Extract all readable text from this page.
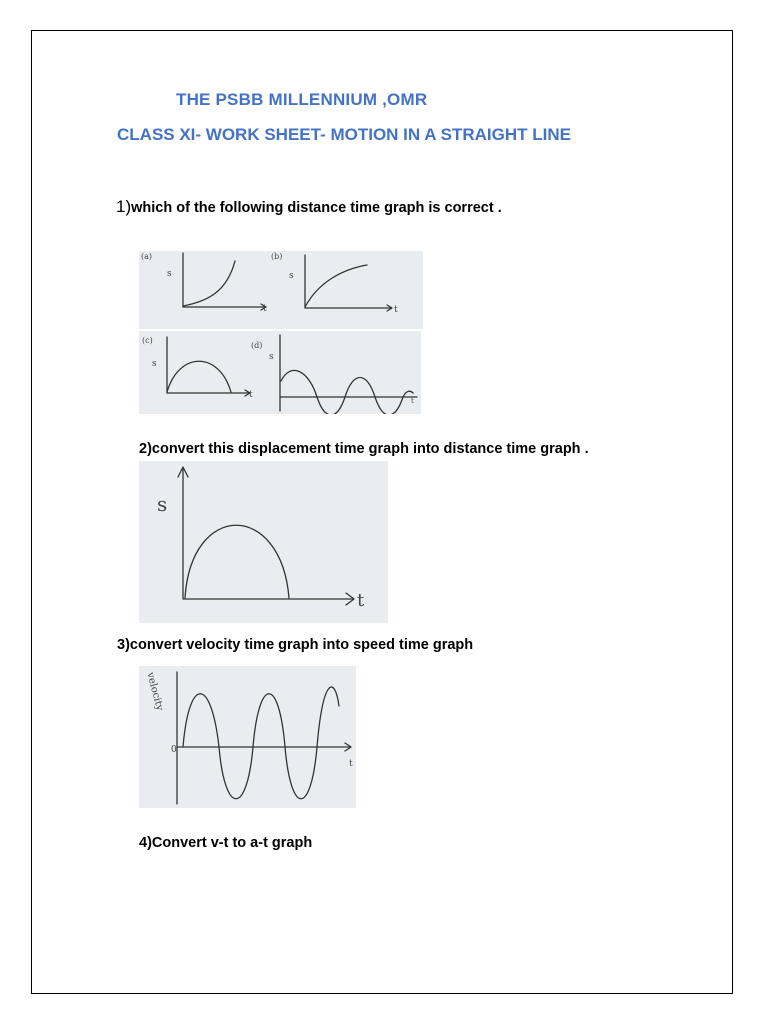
THE PSBB MILLENNIUM ,OMR
CLASS XI- WORK SHEET- MOTION IN A STRAIGHT LINE
1)which of the following distance time graph is correct .
(a)
s
t
(b)
s
t
(c)
s
t
(d)
s
t
2)convert this displacement time graph into distance time graph .
s
t
3)convert velocity time graph into speed time graph
velocity
0
t
4)Convert v-t to a-t graph
